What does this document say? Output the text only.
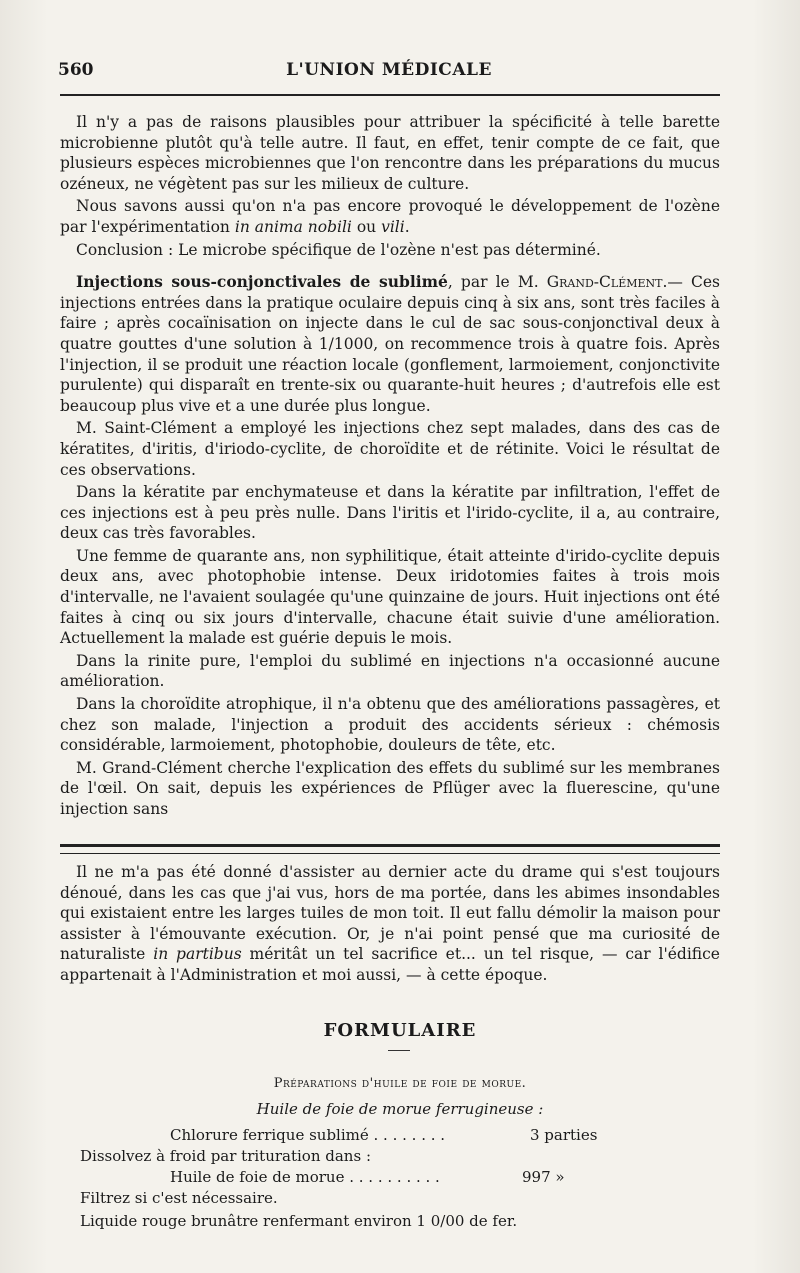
560	L'UNION MÉDICALE

Il n'y a pas de raisons plausibles pour attribuer la spécificité à telle barette microbienne plutôt qu'à telle autre. Il faut, en effet, tenir compte de ce fait, que plusieurs espèces microbiennes que l'on rencontre dans les préparations du mucus ozéneux, ne végètent pas sur les milieux de culture.

Nous savons aussi qu'on n'a pas encore provoqué le développement de l'ozène par l'expérimentation in anima nobili ou vili.

Conclusion : Le microbe spécifique de l'ozène n'est pas déterminé.

Injections sous-conjonctivales de sublimé, par le M. Grand-Clément.— Ces injections entrées dans la pratique oculaire depuis cinq à six ans, sont très faciles à faire ; après cocaïnisation on injecte dans le cul de sac sous-conjonctival deux à quatre gouttes d'une solution à 1/1000, on recommence trois à quatre fois. Après l'injection, il se produit une réaction locale (gonflement, larmoiement, conjonctivite purulente) qui disparaît en trente-six ou quarante-huit heures ; d'autrefois elle est beaucoup plus vive et a une durée plus longue.

M. Saint-Clément a employé les injections chez sept malades, dans des cas de kératites, d'iritis, d'iriodo-cyclite, de choroïdite et de rétinite. Voici le résultat de ces observations.

Dans la kératite par enchymateuse et dans la kératite par infiltration, l'effet de ces injections est à peu près nulle. Dans l'iritis et l'irido-cyclite, il a, au contraire, deux cas très favorables.

Une femme de quarante ans, non syphilitique, était atteinte d'irido-cyclite depuis deux ans, avec photophobie intense. Deux iridotomies faites à trois mois d'intervalle, ne l'avaient soulagée qu'une quinzaine de jours. Huit injections ont été faites à cinq ou six jours d'intervalle, chacune était suivie d'une amélioration. Actuellement la malade est guérie depuis le mois.

Dans la rinite pure, l'emploi du sublimé en injections n'a occasionné aucune amélioration.

Dans la choroïdite atrophique, il n'a obtenu que des améliorations passagères, et chez son malade, l'injection a produit des accidents sérieux : chémosis considérable, larmoiement, photophobie, douleurs de tête, etc.

M. Grand-Clément cherche l'explication des effets du sublimé sur les membranes de l'œil. On sait, depuis les expériences de Pflüger avec la fluerescine, qu'une injection sans

Il ne m'a pas été donné d'assister au dernier acte du drame qui s'est toujours dénoué, dans les cas que j'ai vus, hors de ma portée, dans les abimes insondables qui existaient entre les larges tuiles de mon toit. Il eut fallu démolir la maison pour assister à l'émouvante exécution. Or, je n'ai point pensé que ma curiosité de naturaliste in partibus méritât un tel sacrifice et... un tel risque, — car l'édifice appartenait à l'Administration et moi aussi, — à cette époque.

FORMULAIRE
Préparations d'huile de foie de morue.
Huile de foie de morue ferrugineuse :
Chlorure ferrique sublimé . . . . . . . .	3 parties
Dissolvez à froid par trituration dans :
Huile de foie de morue . . . . . . . . . .	997 »
Filtrez si c'est nécessaire.
Liquide rouge brunâtre renfermant environ 1 0/00 de fer.
